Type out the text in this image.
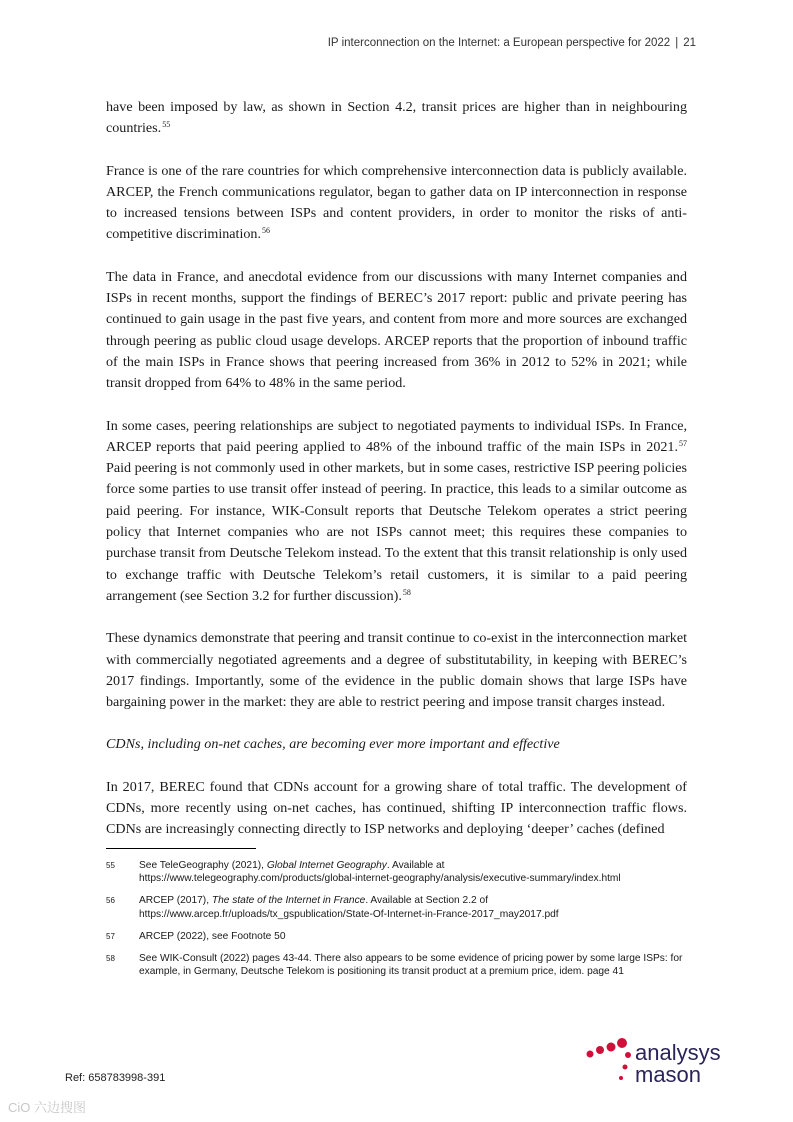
IP interconnection on the Internet: a European perspective for 2022 | 21

have been imposed by law, as shown in Section 4.2, transit prices are higher than in neighbouring countries.$^{55}$

France is one of the rare countries for which comprehensive interconnection data is publicly available. ARCEP, the French communications regulator, began to gather data on IP interconnection in response to increased tensions between ISPs and content providers, in order to monitor the risks of anti-competitive discrimination.$^{56}$

The data in France, and anecdotal evidence from our discussions with many Internet companies and ISPs in recent months, support the findings of BEREC’s 2017 report: public and private peering has continued to gain usage in the past five years, and content from more and more sources are exchanged through peering as public cloud usage develops. ARCEP reports that the proportion of inbound traffic of the main ISPs in France shows that peering increased from 36% in 2012 to 52% in 2021; while transit dropped from 64% to 48% in the same period.

In some cases, peering relationships are subject to negotiated payments to individual ISPs. In France, ARCEP reports that paid peering applied to 48% of the inbound traffic of the main ISPs in 2021.57 Paid peering is not commonly used in other markets, but in some cases, restrictive ISP peering policies force some parties to use transit offer instead of peering. In practice, this leads to a similar outcome as paid peering. For instance, WIK-Consult reports that Deutsche Telekom operates a strict peering policy that Internet companies who are not ISPs cannot meet; this requires these companies to purchase transit from Deutsche Telekom instead. To the extent that this transit relationship is only used to exchange traffic with Deutsche Telekom’s retail customers, it is similar to a paid peering arrangement (see Section 3.2 for further discussion).$^{58}$

These dynamics demonstrate that peering and transit continue to co-exist in the interconnection market with commercially negotiated agreements and a degree of substitutability, in keeping with BEREC’s 2017 findings. Importantly, some of the evidence in the public domain shows that large ISPs have bargaining power in the market: they are able to restrict peering and impose transit charges instead.

CDNs, including on-net caches, are becoming ever more important and effective

In 2017, BEREC found that CDNs account for a growing share of total traffic. The development of CDNs, more recently using on-net caches, has continued, shifting IP interconnection traffic flows. CDNs are increasingly connecting directly to ISP networks and deploying ‘deeper’ caches (defined

55 See TeleGeography (2021), Global Internet Geography. Available at
https://www.telegeography.com/products/global-internet-geography/analysis/executive-summary/index.html
56 ARCEP (2017), The state of the Internet in France. Available at Section 2.2 of
https://www.arcep.fr/uploads/tx_gspublication/State-Of-Internet-in-France-2017_may2017.pdf
57 ARCEP (2022), see Footnote 50
58 See WIK-Consult (2022) pages 43-44. There also appears to be some evidence of pricing power by some large ISPs: for example, in Germany, Deutsche Telekom is positioning its transit product at a premium price, idem. page 41
Ref: 658783998-391
analysys
mason
CiO 六边搜图
